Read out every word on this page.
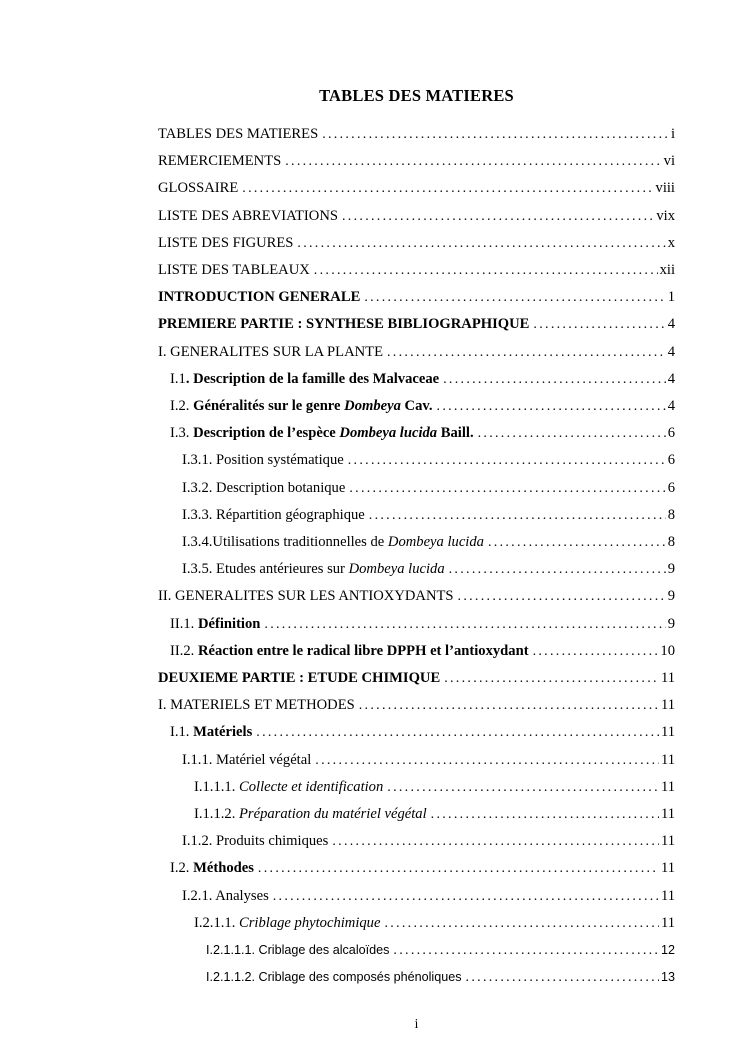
TABLES DES MATIERES
TABLES DES MATIERES .....	i
REMERCIEMENTS .....	vi
GLOSSAIRE .....	viii
LISTE DES ABREVIATIONS .....	vix
LISTE DES FIGURES .....	x
LISTE DES TABLEAUX .....	xii
INTRODUCTION GENERALE .....	1
PREMIERE PARTIE : SYNTHESE BIBLIOGRAPHIQUE .....	4
I. GENERALITES SUR LA PLANTE .....	4
I.1. Description de la famille des Malvaceae .....	4
I.2. Généralités sur le genre Dombeya Cav. .....	4
I.3. Description de l’espèce Dombeya lucida Baill. .....	6
I.3.1. Position systématique .....	6
I.3.2. Description botanique .....	6
I.3.3. Répartition géographique .....	8
I.3.4.Utilisations traditionnelles de Dombeya lucida .....	8
I.3.5. Etudes antérieures sur Dombeya lucida .....	9
II. GENERALITES SUR LES ANTIOXYDANTS .....	9
II.1. Définition .....	9
II.2. Réaction entre le radical libre DPPH et l’antioxydant .....	10
DEUXIEME PARTIE : ETUDE CHIMIQUE .....	11
I. MATERIELS ET METHODES .....	11
I.1. Matériels .....	11
I.1.1. Matériel végétal .....	11
I.1.1.1. Collecte et identification .....	11
I.1.1.2. Préparation du matériel végétal .....	11
I.1.2. Produits chimiques .....	11
I.2. Méthodes .....	11
I.2.1. Analyses .....	11
I.2.1.1. Criblage phytochimique .....	11
I.2.1.1.1. Criblage des alcaloïdes .....	12
I.2.1.1.2. Criblage des composés phénoliques .....	13
i
